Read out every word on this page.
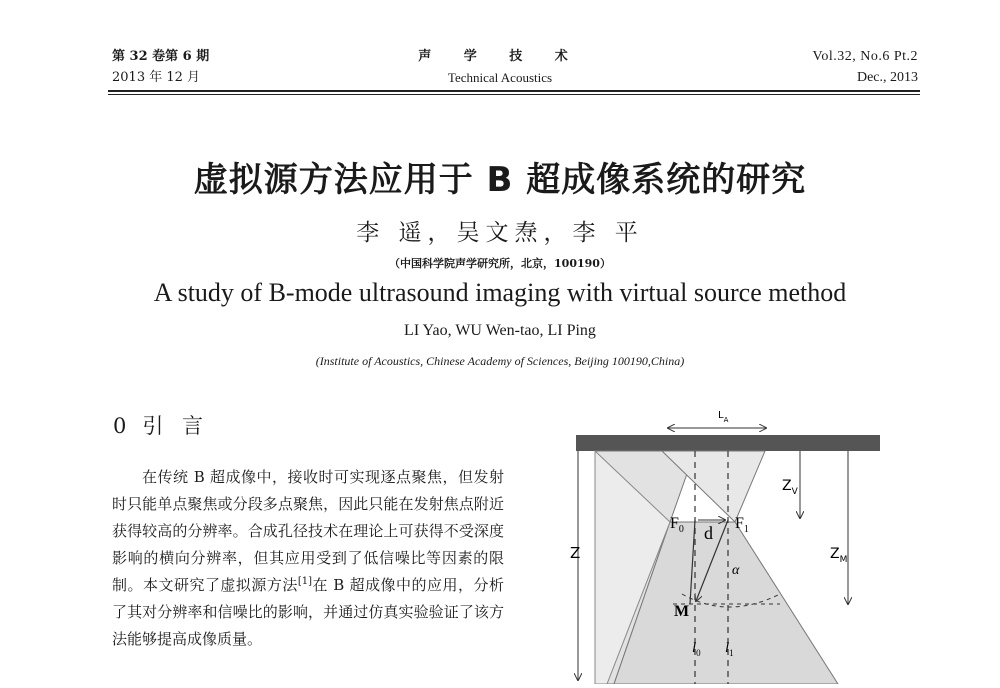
第 32 卷第 6 期
2013 年 12 月
声 学 技 术
Technical Acoustics
Vol.32, No.6 Pt.2
Dec., 2013
虚拟源方法应用于 B 超成像系统的研究
李 遥，吴文焘，李 平
（中国科学院声学研究所，北京，100190）
A study of B-mode ultrasound imaging with virtual source method
LI Yao, WU Wen-tao, LI Ping
(Institute of Acoustics, Chinese Academy of Sciences, Beijing 100190,China)
0 引 言
在传统 B 超成像中，接收时可实现逐点聚焦，但发射时只能单点聚焦或分段多点聚焦，因此只能在发射焦点附近获得较高的分辨率。合成孔径技术在理论上可获得不受深度影响的横向分辨率，但其应用受到了低信噪比等因素的限制。本文研究了虚拟源方法[1]在 B 超成像中的应用，分析了其对分辨率和信噪比的影响，并通过仿真实验验证了该方法能够提高成像质量。
$L_A$
Z
$Z_V$
$Z_M$
$F_0$	$F_1$
d
α
M
$l_0$ $l_1$
